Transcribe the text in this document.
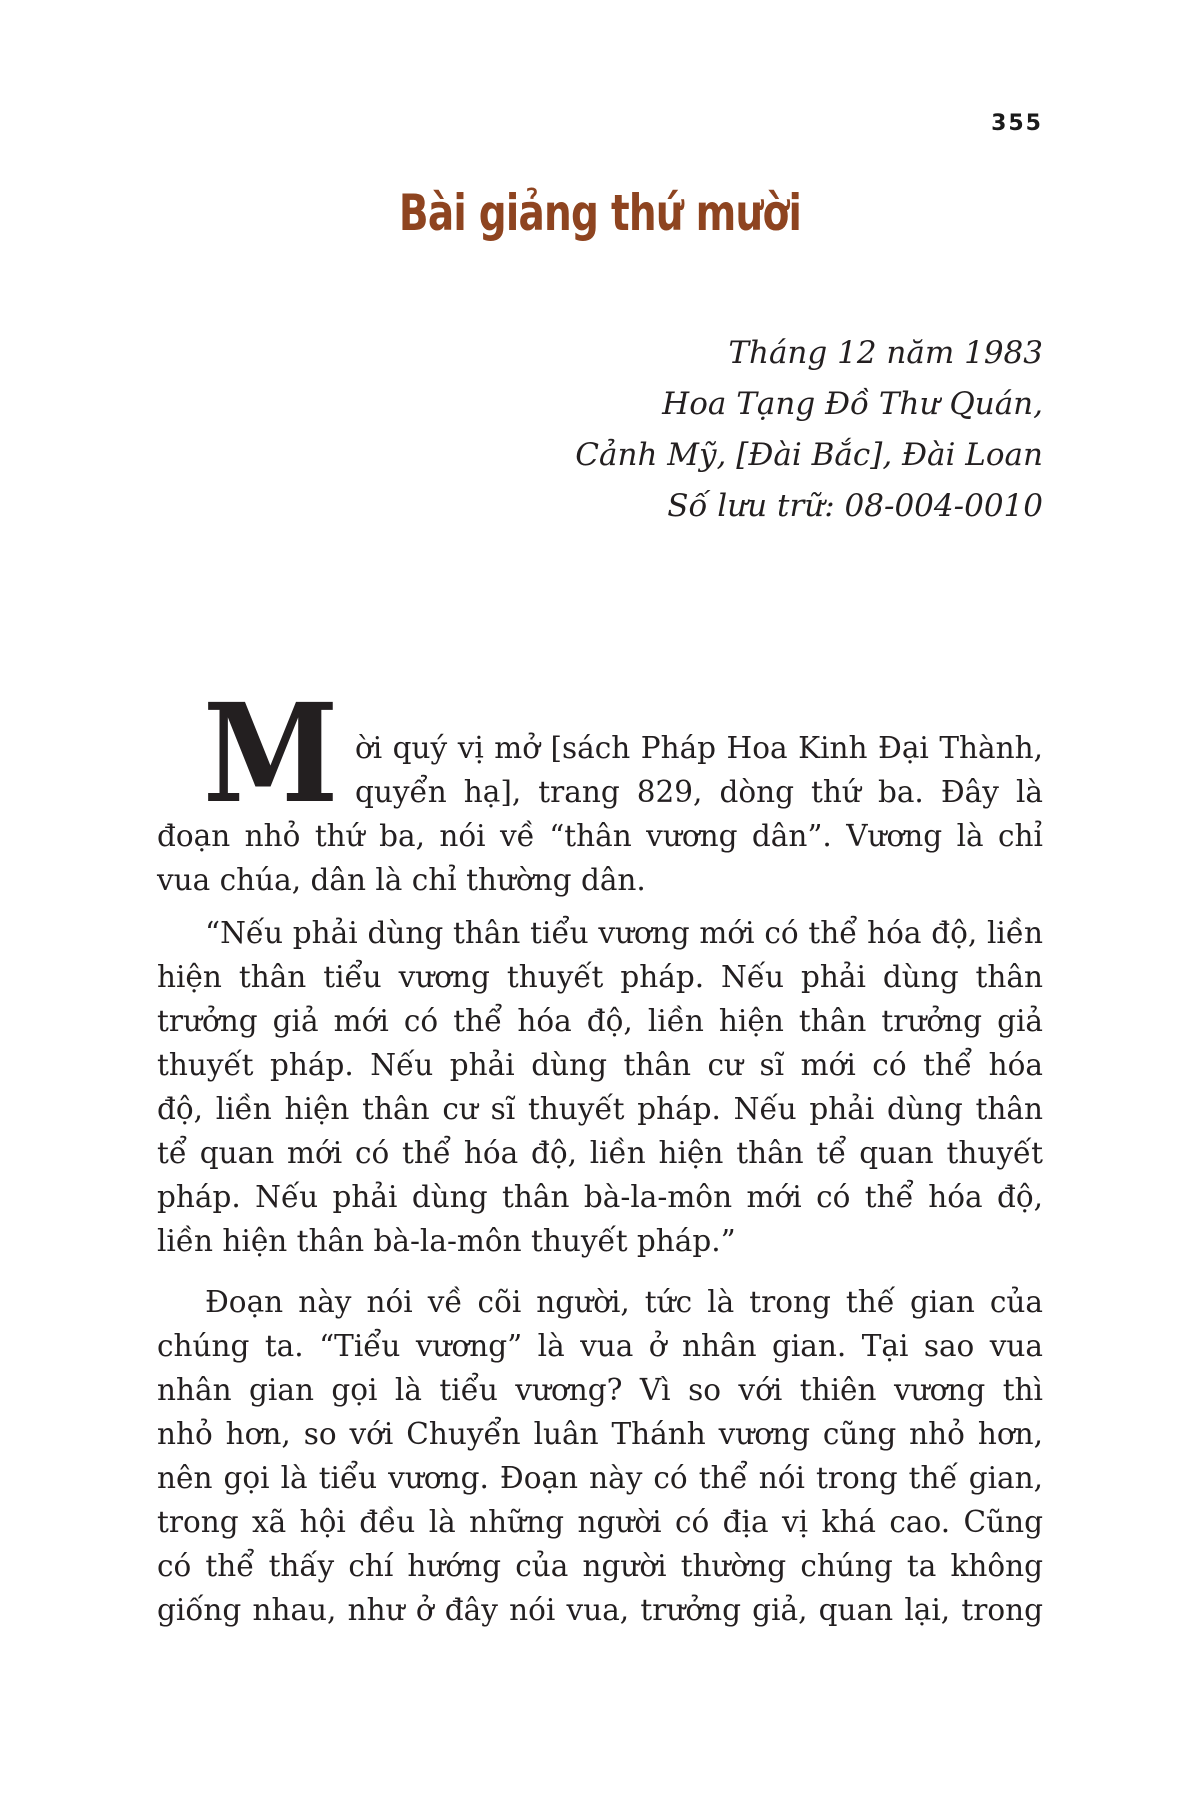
355
Bài giảng thứ mười
Tháng 12 năm 1983
Hoa Tạng Đồ Thư Quán,
Cảnh Mỹ, [Đài Bắc], Đài Loan
Số lưu trữ: 08-004-0010
M ời quý vị mở [sách Pháp Hoa Kinh Đại Thành,
quyển hạ], trang 829, dòng thứ ba. Đây là
đoạn nhỏ thứ ba, nói về “thân vương dân”. Vương là chỉ
vua chúa, dân là chỉ thường dân.
“Nếu phải dùng thân tiểu vương mới có thể hóa độ, liền
hiện thân tiểu vương thuyết pháp. Nếu phải dùng thân
trưởng giả mới có thể hóa độ, liền hiện thân trưởng giả
thuyết pháp. Nếu phải dùng thân cư sĩ mới có thể hóa
độ, liền hiện thân cư sĩ thuyết pháp. Nếu phải dùng thân
tể quan mới có thể hóa độ, liền hiện thân tể quan thuyết
pháp. Nếu phải dùng thân bà-la-môn mới có thể hóa độ,
liền hiện thân bà-la-môn thuyết pháp.”
Đoạn này nói về cõi người, tức là trong thế gian của
chúng ta. “Tiểu vương” là vua ở nhân gian. Tại sao vua
nhân gian gọi là tiểu vương? Vì so với thiên vương thì
nhỏ hơn, so với Chuyển luân Thánh vương cũng nhỏ hơn,
nên gọi là tiểu vương. Đoạn này có thể nói trong thế gian,
trong xã hội đều là những người có địa vị khá cao. Cũng
có thể thấy chí hướng của người thường chúng ta không
giống nhau, như ở đây nói vua, trưởng giả, quan lại, trong
